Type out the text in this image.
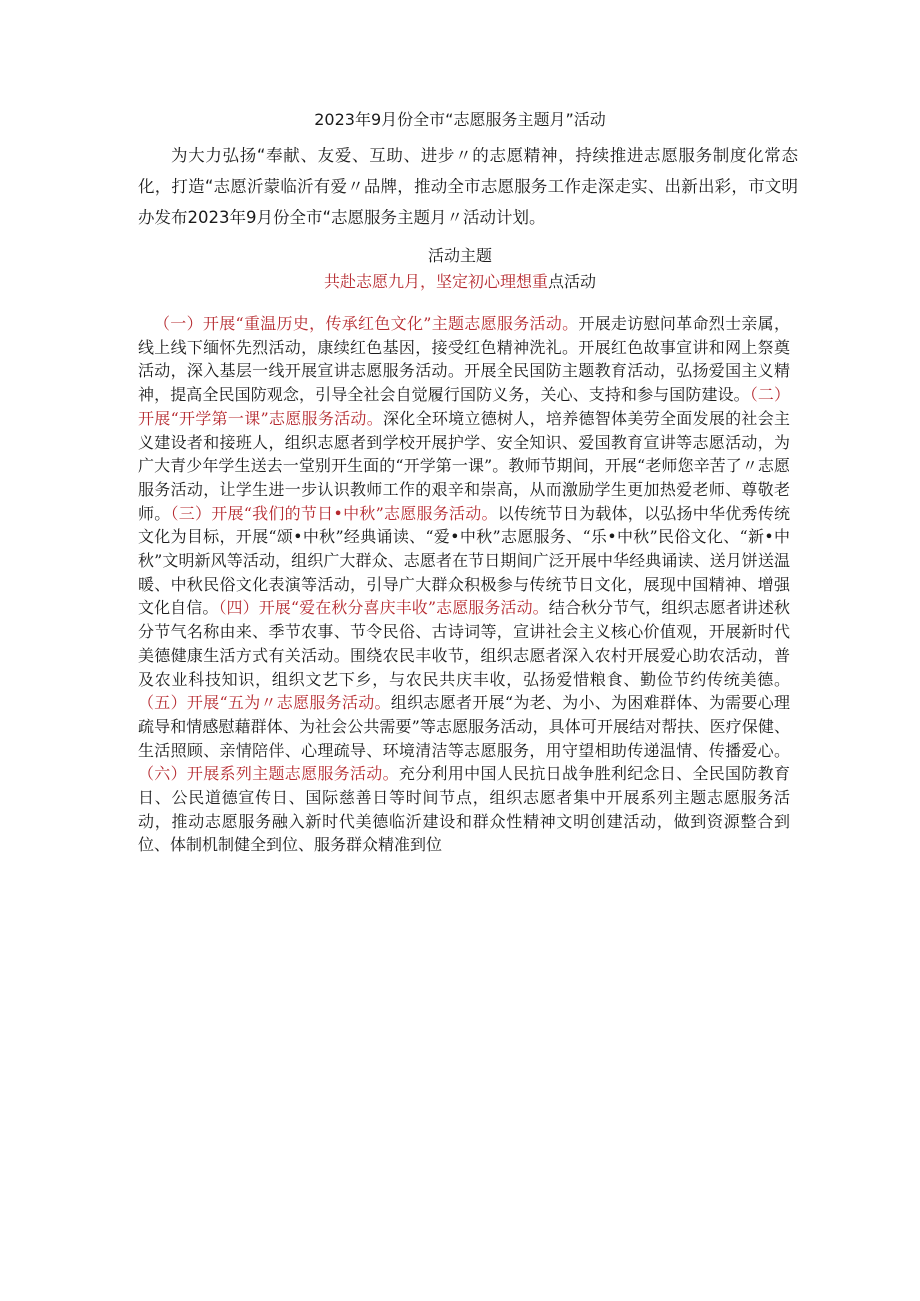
2023年9月份全市“志愿服务主题月”活动

为大力弘扬“奉献、友爱、互助、进步〃的志愿精神，持续推进志愿服务制度化常态化，打造“志愿沂蒙临沂有爱〃品牌，推动全市志愿服务工作走深走实、出新出彩，市文明办发布2023年9月份全市“志愿服务主题月〃活动计划。

活动主题
共赴志愿九月，坚定初心理想重点活动

（一）开展“重温历史，传承红色文化”主题志愿服务活动。开展走访慰问革命烈士亲属，线上线下缅怀先烈活动，康续红色基因，接受红色精神洗礼。开展红色故事宣讲和网上祭奠活动，深入基层一线开展宣讲志愿服务活动。开展全民国防主题教育活动，弘扬爱国主义精神，提高全民国防观念，引导全社会自觉履行国防义务，关心、支持和参与国防建设。（二）开展“开学第一课”志愿服务活动。深化全环境立德树人，培养德智体美劳全面发展的社会主义建设者和接班人，组织志愿者到学校开展护学、安全知识、爱国教育宣讲等志愿活动，为广大青少年学生送去一堂别开生面的“开学第一课”。教师节期间，开展“老师您辛苦了〃志愿服务活动，让学生进一步认识教师工作的艰辛和崇高，从而激励学生更加热爱老师、尊敬老师。（三）开展“我们的节日•中秋”志愿服务活动。以传统节日为载体，以弘扬中华优秀传统文化为目标，开展“颂•中秋”经典诵读、“爱•中秋”志愿服务、“乐•中秋”民俗文化、“新•中秋”文明新风等活动，组织广大群众、志愿者在节日期间广泛开展中华经典诵读、送月饼送温暖、中秋民俗文化表演等活动，引导广大群众积极参与传统节日文化，展现中国精神、增强文化自信。（四）开展“爱在秋分喜庆丰收”志愿服务活动。结合秋分节气，组织志愿者讲述秋分节气名称由来、季节农事、节令民俗、古诗词等，宣讲社会主义核心价值观，开展新时代美德健康生活方式有关活动。围绕农民丰收节，组织志愿者深入农村开展爱心助农活动，普及农业科技知识，组织文艺下乡，与农民共庆丰收，弘扬爱惜粮食、勤俭节约传统美德。（五）开展“五为〃志愿服务活动。组织志愿者开展“为老、为小、为困难群体、为需要心理疏导和情感慰藉群体、为社会公共需要”等志愿服务活动，具体可开展结对帮扶、医疗保健、生活照顾、亲情陪伴、心理疏导、环境清洁等志愿服务，用守望相助传递温情、传播爱心。（六）开展系列主题志愿服务活动。充分利用中国人民抗日战争胜利纪念日、全民国防教育日、公民道德宣传日、国际慈善日等时间节点，组织志愿者集中开展系列主题志愿服务活动，推动志愿服务融入新时代美德临沂建设和群众性精神文明创建活动，做到资源整合到位、体制机制健全到位、服务群众精准到位
